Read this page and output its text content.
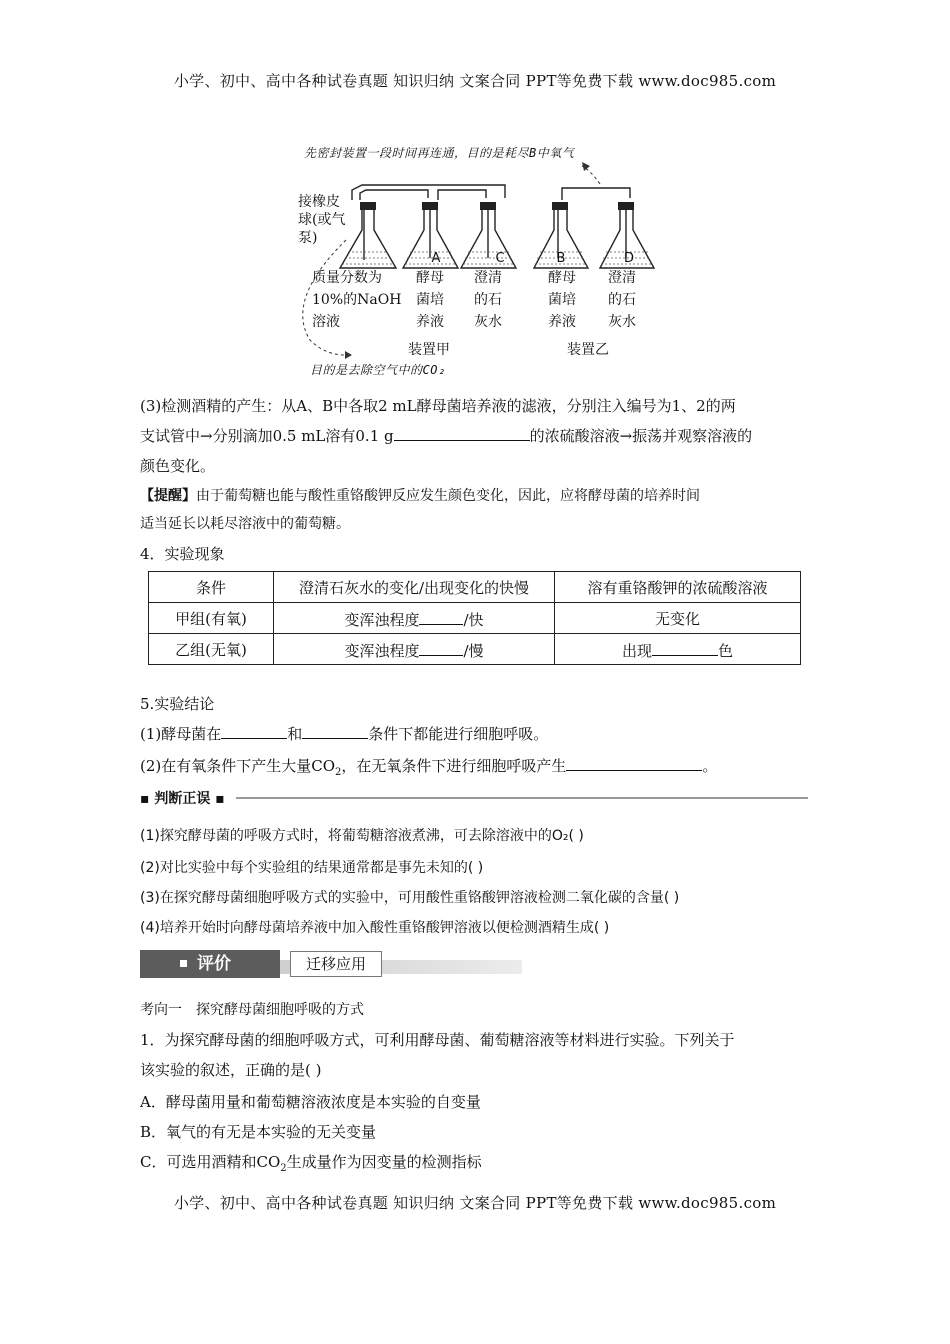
小学、初中、高中各种试卷真题 知识归纳 文案合同 PPT等免费下载 www.doc985.com
A	C	B	D
先密封装置一段时间再连通，目的是耗尽B中氧气
目的是去除空气中的CO₂
接橡皮
球(或气
泵)
质量分数为
10%的NaOH
溶液
酵母
菌培
养液
澄清
的石
灰水
酵母
菌培
养液
澄清
的石
灰水
装置甲	装置乙
(3)检测酒精的产生：从A、B中各取2 mL酵母菌培养液的滤液，分别注入编号为1、2的两
支试管中→分别滴加0.5 mL溶有0.1 g	的浓硫酸溶液→振荡并观察溶液的
颜色变化。
【提醒】由于葡萄糖也能与酸性重铬酸钾反应发生颜色变化，因此，应将酵母菌的培养时间
适当延长以耗尽溶液中的葡萄糖。
4．实验现象
条件	澄清石灰水的变化/出现变化的快慢	溶有重铬酸钾的浓硫酸溶液
甲组(有氧)	变浑浊程度 /快	无变化
乙组(无氧)	变浑浊程度 /慢	出现 色
5.实验结论
(1)酵母菌在	和	条件下都能进行细胞呼吸。
(2)在有氧条件下产生大量$CO_2$，在无氧条件下进行细胞呼吸产生	。
▪ 判断正误 ▪
(1)探究酵母菌的呼吸方式时，将葡萄糖溶液煮沸，可去除溶液中的O₂( )
(2)对比实验中每个实验组的结果通常都是事先未知的( )
(3)在探究酵母菌细胞呼吸方式的实验中，可用酸性重铬酸钾溶液检测二氧化碳的含量( )
(4)培养开始时向酵母菌培养液中加入酸性重铬酸钾溶液以便检测酒精生成( )
评价	迁移应用
考向一　探究酵母菌细胞呼吸的方式
1．为探究酵母菌的细胞呼吸方式，可利用酵母菌、葡萄糖溶液等材料进行实验。下列关于
该实验的叙述，正确的是( )
A．酵母菌用量和葡萄糖溶液浓度是本实验的自变量
B．氧气的有无是本实验的无关变量
C．可选用酒精和$CO_2$生成量作为因变量的检测指标
小学、初中、高中各种试卷真题 知识归纳 文案合同 PPT等免费下载 www.doc985.com
